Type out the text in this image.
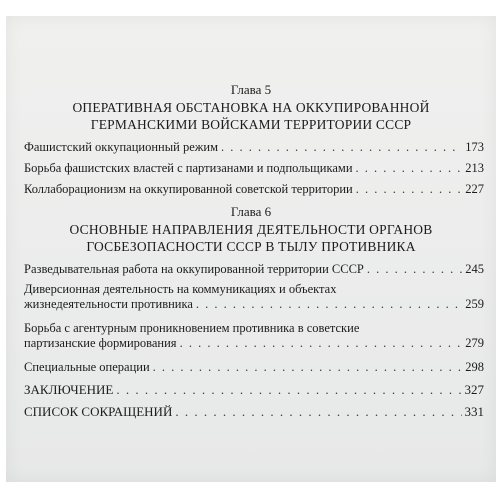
Глава 5
ОПЕРАТИВНАЯ ОБСТАНОВКА НА ОККУПИРОВАННОЙ
ГЕРМАНСКИМИ ВОЙСКАМИ ТЕРРИТОРИИ СССР
Фашистский оккупационный режим . . .	173
Борьба фашистских властей с партизанами и подпольщиками . . .	213
Коллаборационизм на оккупированной советской территории . . .	227
Глава 6
ОСНОВНЫЕ НАПРАВЛЕНИЯ ДЕЯТЕЛЬНОСТИ ОРГАНОВ
ГОСБЕЗОПАСНОСТИ СССР В ТЫЛУ ПРОТИВНИКА
Разведывательная работа на оккупированной территории СССР . . .	245
Диверсионная деятельность на коммуникациях и объектах
жизнедеятельности противника . . .	259
Борьба с агентурным проникновением противника в советские
партизанские формирования . . .	279
Специальные операции . . .	298
ЗАКЛЮЧЕНИЕ . . .	327
СПИСОК СОКРАЩЕНИЙ . . .	331
